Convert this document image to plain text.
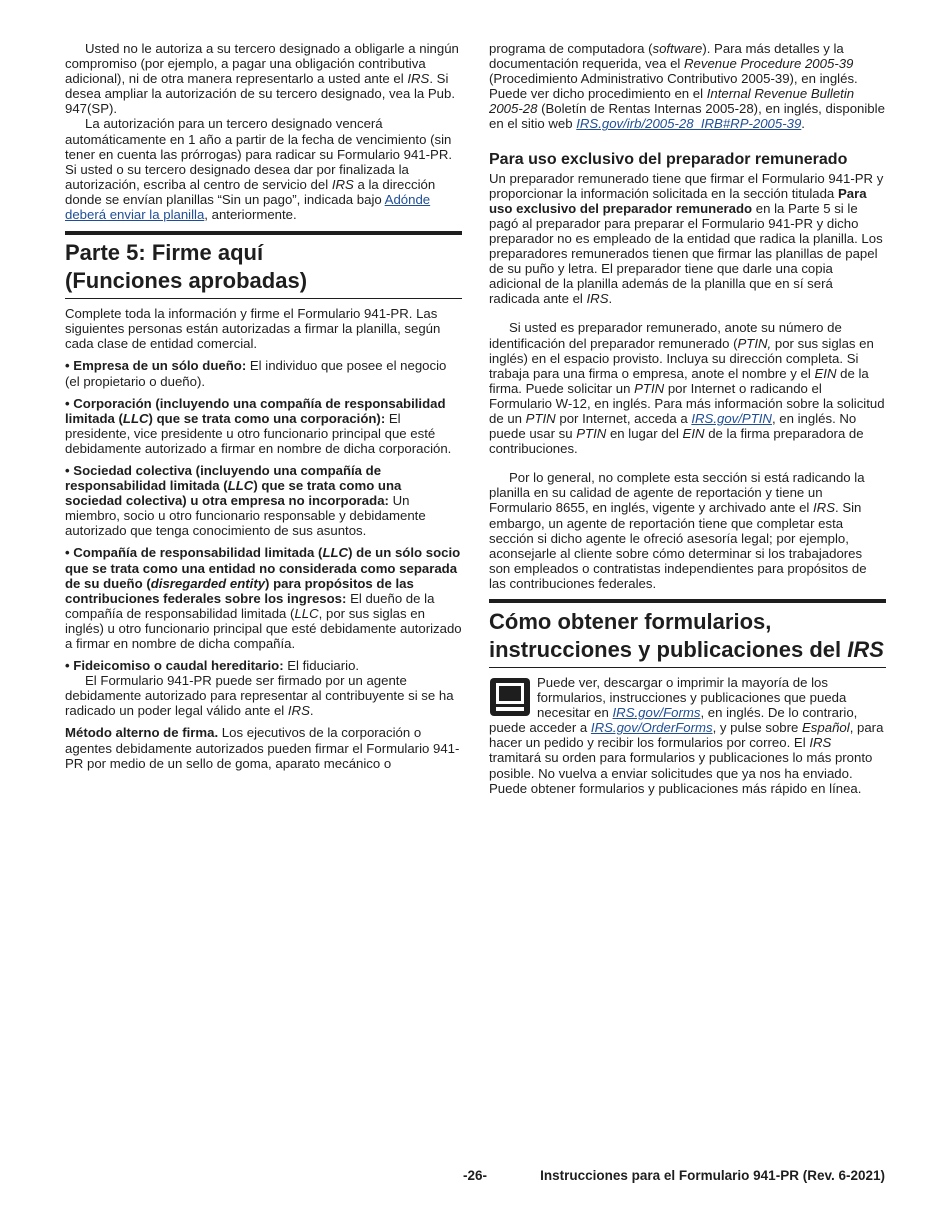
Usted no le autoriza a su tercero designado a obligarle a ningún compromiso (por ejemplo, a pagar una obligación contributiva adicional), ni de otra manera representarlo a usted ante el IRS. Si desea ampliar la autorización de su tercero designado, vea la Pub. 947(SP).

La autorización para un tercero designado vencerá automáticamente en 1 año a partir de la fecha de vencimiento (sin tener en cuenta las prórrogas) para radicar su Formulario 941-PR. Si usted o su tercero designado desea dar por finalizada la autorización, escriba al centro de servicio del IRS a la dirección donde se envían planillas “Sin un pago”, indicada bajo Adónde deberá enviar la planilla, anteriormente.

Parte 5: Firme aquí
(Funciones aprobadas)

Complete toda la información y firme el Formulario 941-PR. Las siguientes personas están autorizadas a firmar la planilla, según cada clase de entidad comercial.

• Empresa de un sólo dueño: El individuo que posee el negocio (el propietario o dueño).

• Corporación (incluyendo una compañía de responsabilidad limitada (LLC) que se trata como una corporación): El presidente, vice presidente u otro funcionario principal que esté debidamente autorizado a firmar en nombre de dicha corporación.

• Sociedad colectiva (incluyendo una compañía de responsabilidad limitada (LLC) que se trata como una sociedad colectiva) u otra empresa no incorporada: Un miembro, socio u otro funcionario responsable y debidamente autorizado que tenga conocimiento de sus asuntos.

• Compañía de responsabilidad limitada (LLC) de un sólo socio que se trata como una entidad no considerada como separada de su dueño (disregarded entity) para propósitos de las contribuciones federales sobre los ingresos: El dueño de la compañía de responsabilidad limitada (LLC, por sus siglas en inglés) u otro funcionario principal que esté debidamente autorizado a firmar en nombre de dicha compañía.

• Fideicomiso o caudal hereditario: El fiduciario.

El Formulario 941-PR puede ser firmado por un agente debidamente autorizado para representar al contribuyente si se ha radicado un poder legal válido ante el IRS.

Método alterno de firma. Los ejecutivos de la corporación o agentes debidamente autorizados pueden firmar el Formulario 941-PR por medio de un sello de goma, aparato mecánico o

programa de computadora (software). Para más detalles y la documentación requerida, vea el Revenue Procedure 2005-39 (Procedimiento Administrativo Contributivo 2005-39), en inglés. Puede ver dicho procedimiento en el Internal Revenue Bulletin 2005-28 (Boletín de Rentas Internas 2005-28), en inglés, disponible en el sitio web IRS.gov/irb/2005-28_IRB#RP-2005-39.

Para uso exclusivo del preparador remunerado

Un preparador remunerado tiene que firmar el Formulario 941-PR y proporcionar la información solicitada en la sección titulada Para uso exclusivo del preparador remunerado en la Parte 5 si le pagó al preparador para preparar el Formulario 941-PR y dicho preparador no es empleado de la entidad que radica la planilla. Los preparadores remunerados tienen que firmar las planillas de papel de su puño y letra. El preparador tiene que darle una copia adicional de la planilla además de la planilla que en sí será radicada ante el IRS.

Si usted es preparador remunerado, anote su número de identificación del preparador remunerado (PTIN, por sus siglas en inglés) en el espacio provisto. Incluya su dirección completa. Si trabaja para una firma o empresa, anote el nombre y el EIN de la firma. Puede solicitar un PTIN por Internet o radicando el Formulario W-12, en inglés. Para más información sobre la solicitud de un PTIN por Internet, acceda a IRS.gov/PTIN, en inglés. No puede usar su PTIN en lugar del EIN de la firma preparadora de contribuciones.

Por lo general, no complete esta sección si está radicando la planilla en su calidad de agente de reportación y tiene un Formulario 8655, en inglés, vigente y archivado ante el IRS. Sin embargo, un agente de reportación tiene que completar esta sección si dicho agente le ofreció asesoría legal; por ejemplo, aconsejarle al cliente sobre cómo determinar si los trabajadores son empleados o contratistas independientes para propósitos de las contribuciones federales.

Cómo obtener formularios,
instrucciones y publicaciones del IRS

Puede ver, descargar o imprimir la mayoría de los formularios, instrucciones y publicaciones que pueda necesitar en IRS.gov/Forms, en inglés. De lo contrario, puede acceder a IRS.gov/OrderForms, y pulse sobre Español, para hacer un pedido y recibir los formularios por correo. El IRS tramitará su orden para formularios y publicaciones lo más pronto posible. No vuelva a enviar solicitudes que ya nos ha enviado. Puede obtener formularios y publicaciones más rápido en línea.

-26-	Instrucciones para el Formulario 941-PR (Rev. 6-2021)
